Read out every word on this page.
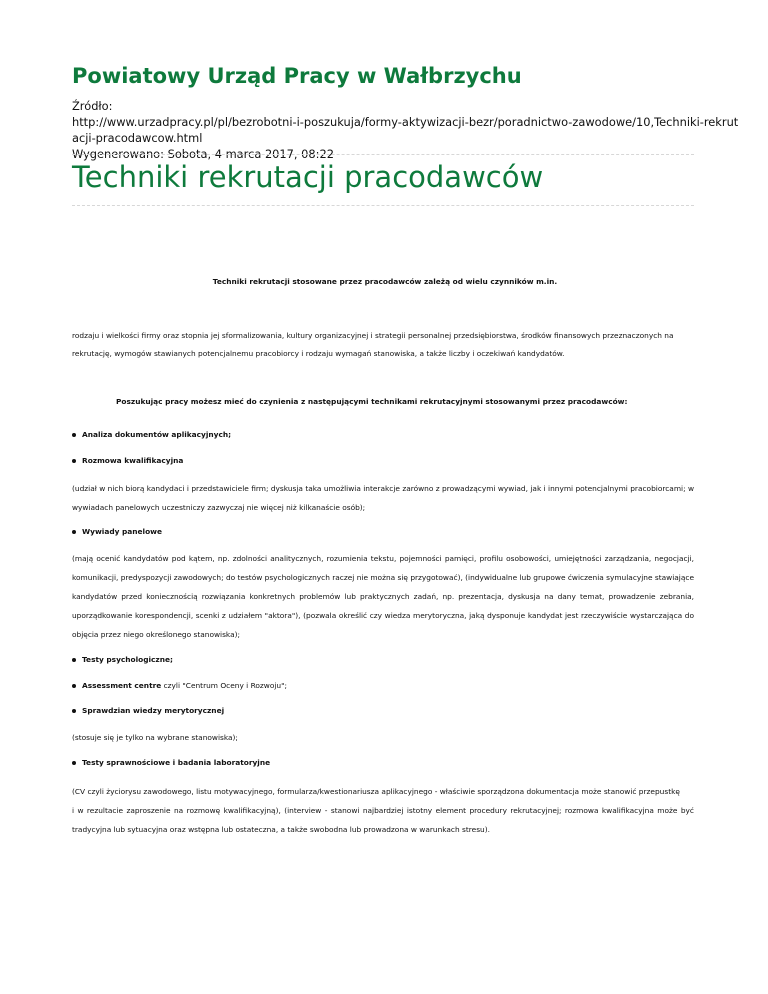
Powiatowy Urząd Pracy w Wałbrzychu
Źródło:
http://www.urzadpracy.pl/pl/bezrobotni-i-poszukuja/formy-aktywizacji-bezr/poradnictwo-zawodowe/10,Techniki-rekrut
acji-pracodawcow.html
Wygenerowano: Sobota, 4 marca 2017, 08:22
Techniki rekrutacji pracodawców
Techniki rekrutacji stosowane przez pracodawców zależą od wielu czynników m.in.
rodzaju i wielkości firmy oraz stopnia jej sformalizowania, kultury organizacyjnej i strategii personalnej przedsiębiorstwa, środków finansowych przeznaczonych na
rekrutację, wymogów stawianych potencjalnemu pracobiorcy i rodzaju wymagań stanowiska, a także liczby i oczekiwań kandydatów.
Poszukując pracy możesz mieć do czynienia z następującymi technikami rekrutacyjnymi stosowanymi przez pracodawców:
Analiza dokumentów aplikacyjnych;
Rozmowa kwalifikacyjna
(udział w nich biorą kandydaci i przedstawiciele firm; dyskusja taka umożliwia interakcje zarówno z prowadzącymi wywiad, jak i innymi potencjalnymi pracobiorcami; w
wywiadach panelowych uczestniczy zazwyczaj nie więcej niż kilkanaście osób);
Wywiady panelowe
(mają ocenić kandydatów pod kątem, np. zdolności analitycznych, rozumienia tekstu, pojemności pamięci, profilu osobowości, umiejętności zarządzania, negocjacji,
komunikacji, predyspozycji zawodowych; do testów psychologicznych raczej nie można się przygotować), (indywidualne lub grupowe ćwiczenia symulacyjne stawiające
kandydatów przed koniecznością rozwiązania konkretnych problemów lub praktycznych zadań, np. prezentacja, dyskusja na dany temat, prowadzenie zebrania,
uporządkowanie korespondencji, scenki z udziałem "aktora"), (pozwala określić czy wiedza merytoryczna, jaką dysponuje kandydat jest rzeczywiście wystarczająca do
objęcia przez niego określonego stanowiska);
Testy psychologiczne;
Assessment centre czyli "Centrum Oceny i Rozwoju";
Sprawdzian wiedzy merytorycznej
(stosuje się je tylko na wybrane stanowiska);
Testy sprawnościowe i badania laboratoryjne
(CV czyli życiorysu zawodowego, listu motywacyjnego, formularza/kwestionariusza aplikacyjnego - właściwie sporządzona dokumentacja może stanowić przepustkę
i w rezultacie zaproszenie na rozmowę kwalifikacyjną), (interview - stanowi najbardziej istotny element procedury rekrutacyjnej; rozmowa kwalifikacyjna może być
tradycyjna lub sytuacyjna oraz wstępna lub ostateczna, a także swobodna lub prowadzona w warunkach stresu).
